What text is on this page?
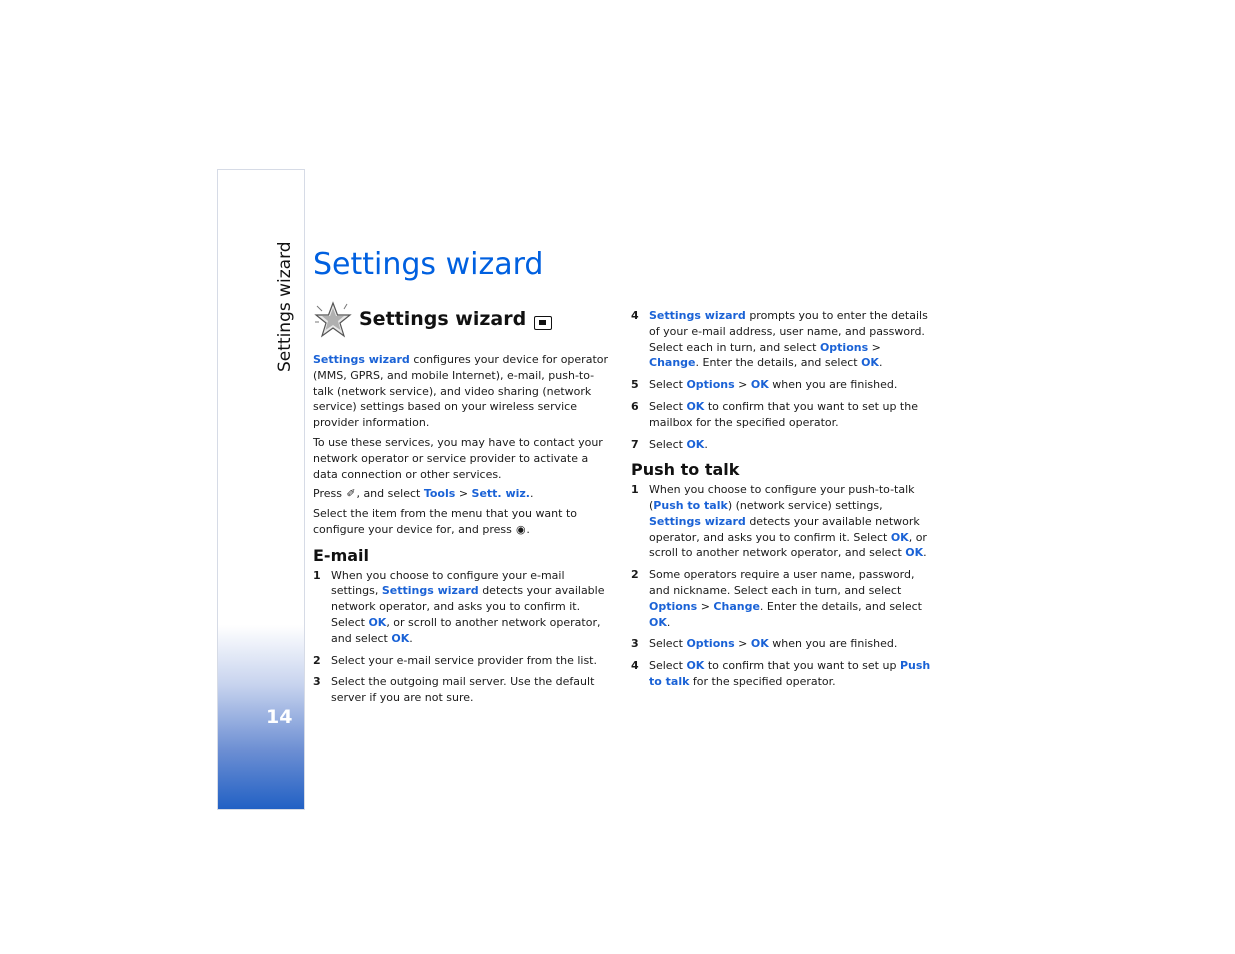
Settings wizard
14
Settings wizard
Settings wizard

Settings wizard configures your device for operator (MMS, GPRS, and mobile Internet), e-mail, push-to-talk (network service), and video sharing (network service) settings based on your wireless service provider information.

To use these services, you may have to contact your network operator or service provider to activate a data connection or other services.

Press ✐, and select Tools > Sett. wiz..

Select the item from the menu that you want to configure your device for, and press ◉.

E-mail
1 When you choose to configure your e-mail settings, Settings wizard detects your available network operator, and asks you to confirm it. Select OK, or scroll to another network operator, and select OK.
2 Select your e-mail service provider from the list.
3 Select the outgoing mail server. Use the default server if you are not sure.
4 Settings wizard prompts you to enter the details of your e-mail address, user name, and password. Select each in turn, and select Options > Change. Enter the details, and select OK.
5 Select Options > OK when you are finished.
6 Select OK to confirm that you want to set up the mailbox for the specified operator.
7 Select OK.
Push to talk
1 When you choose to configure your push-to-talk (Push to talk) (network service) settings, Settings wizard detects your available network operator, and asks you to confirm it. Select OK, or scroll to another network operator, and select OK.
2 Some operators require a user name, password, and nickname. Select each in turn, and select Options > Change. Enter the details, and select OK.
3 Select Options > OK when you are finished.
4 Select OK to confirm that you want to set up Push to talk for the specified operator.
